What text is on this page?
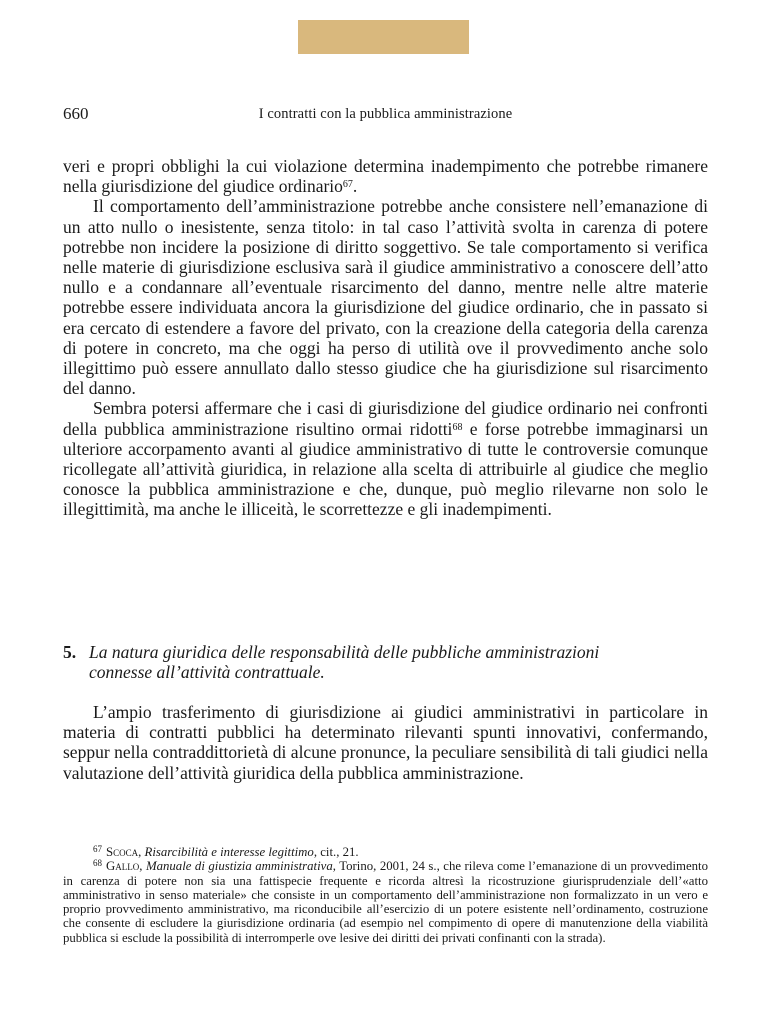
660	I contratti con la pubblica amministrazione

veri e propri obblighi la cui violazione determina inadempimento che potrebbe rimanere nella giurisdizione del giudice ordinario$^{67}$.

Il comportamento dell’amministrazione potrebbe anche consistere nell’emanazione di un atto nullo o inesistente, senza titolo: in tal caso l’attività svolta in carenza di potere potrebbe non incidere la posizione di diritto soggettivo. Se tale comportamento si verifica nelle materie di giurisdizione esclusiva sarà il giudice amministrativo a conoscere dell’atto nullo e a condannare all’eventuale risarcimento del danno, mentre nelle altre materie potrebbe essere individuata ancora la giurisdizione del giudice ordinario, che in passato si era cercato di estendere a favore del privato, con la creazione della categoria della carenza di potere in concreto, ma che oggi ha perso di utilità ove il provvedimento anche solo illegittimo può essere annullato dallo stesso giudice che ha giurisdizione sul risarcimento del danno.

Sembra potersi affermare che i casi di giurisdizione del giudice ordinario nei confronti della pubblica amministrazione risultino ormai ridotti$^{68}$ e forse potrebbe immaginarsi un ulteriore accorpamento avanti al giudice amministrativo di tutte le controversie comunque ricollegate all’attività giuridica, in relazione alla scelta di attribuirle al giudice che meglio conosce la pubblica amministrazione e che, dunque, può meglio rilevarne non solo le illegittimità, ma anche le illiceità, le scorrettezze e gli inadempimenti.

5. La natura giuridica delle responsabilità delle pubbliche amministrazioni
connesse all’attività contrattuale.

L’ampio trasferimento di giurisdizione ai giudici amministrativi in particolare in materia di contratti pubblici ha determinato rilevanti spunti innovativi, confermando, seppur nella contraddittorietà di alcune pronunce, la peculiare sensibilità di tali giudici nella valutazione dell’attività giuridica della pubblica amministrazione.

$^{67}$ Scoca, Risarcibilità e interesse legittimo, cit., 21.

$^{68}$ Gallo, Manuale di giustizia amministrativa, Torino, 2001, 24 s., che rileva come l’emanazione di un provvedimento in carenza di potere non sia una fattispecie frequente e ricorda altresì la ricostruzione giurisprudenziale dell’«atto amministrativo in senso materiale» che consiste in un comportamento dell’amministrazione non formalizzato in un vero e proprio provvedimento amministrativo, ma riconducibile all’esercizio di un potere esistente nell’ordinamento, costruzione che consente di escludere la giurisdizione ordinaria (ad esempio nel compimento di opere di manutenzione della viabilità pubblica si esclude la possibilità di interromperle ove lesive dei diritti dei privati confinanti con la strada).
